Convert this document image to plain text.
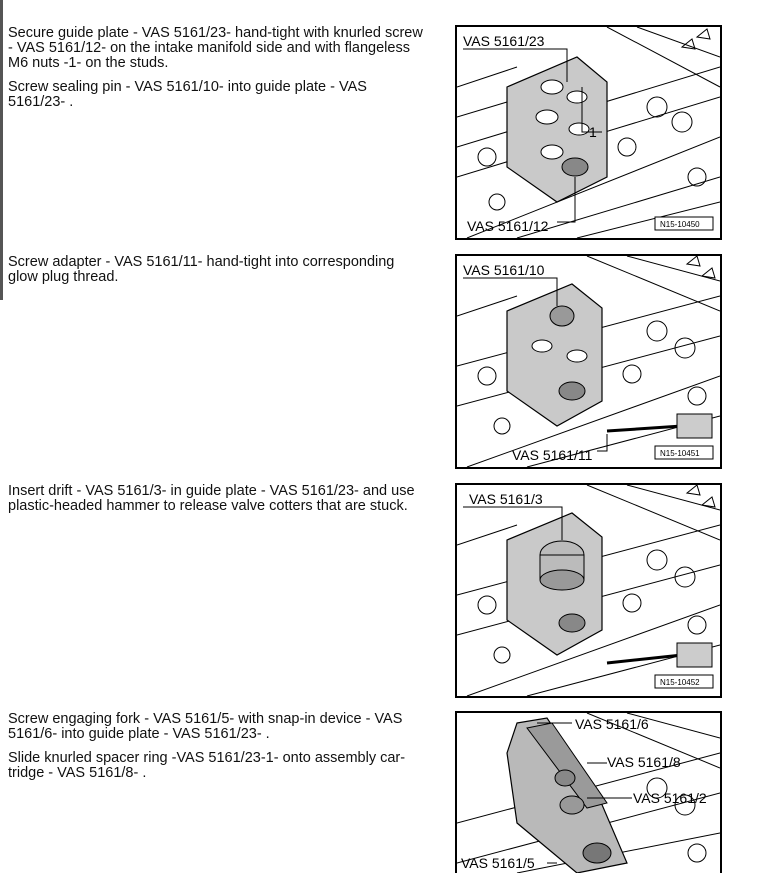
Secure guide plate - VAS 5161/23- hand-tight with knurled screw - VAS 5161/12- on the intake manifold side and with flangeless M6 nuts -1- on the studs.

Screw sealing pin - VAS 5161/10- into guide plate - VAS 5161/23- .

VAS 5161/23
1
VAS 5161/12	N15-10450

Screw adapter - VAS 5161/11- hand-tight into corresponding glow plug thread.	VAS 5161/10
VAS 5161/11	N15-10451

Insert drift - VAS 5161/3- in guide plate - VAS 5161/23- and use plastic-headed hammer to release valve cotters that are stuck.	VAS 5161/3
N15-10452

Screw engaging fork - VAS 5161/5- with snap-in device - VAS 5161/6- into guide plate - VAS 5161/23- .

Slide knurled spacer ring -VAS 5161/23-1- onto assembly car-tridge - VAS 5161/8- .

VAS 5161/6
VAS 5161/8
VAS 5161/2
VAS 5161/5
